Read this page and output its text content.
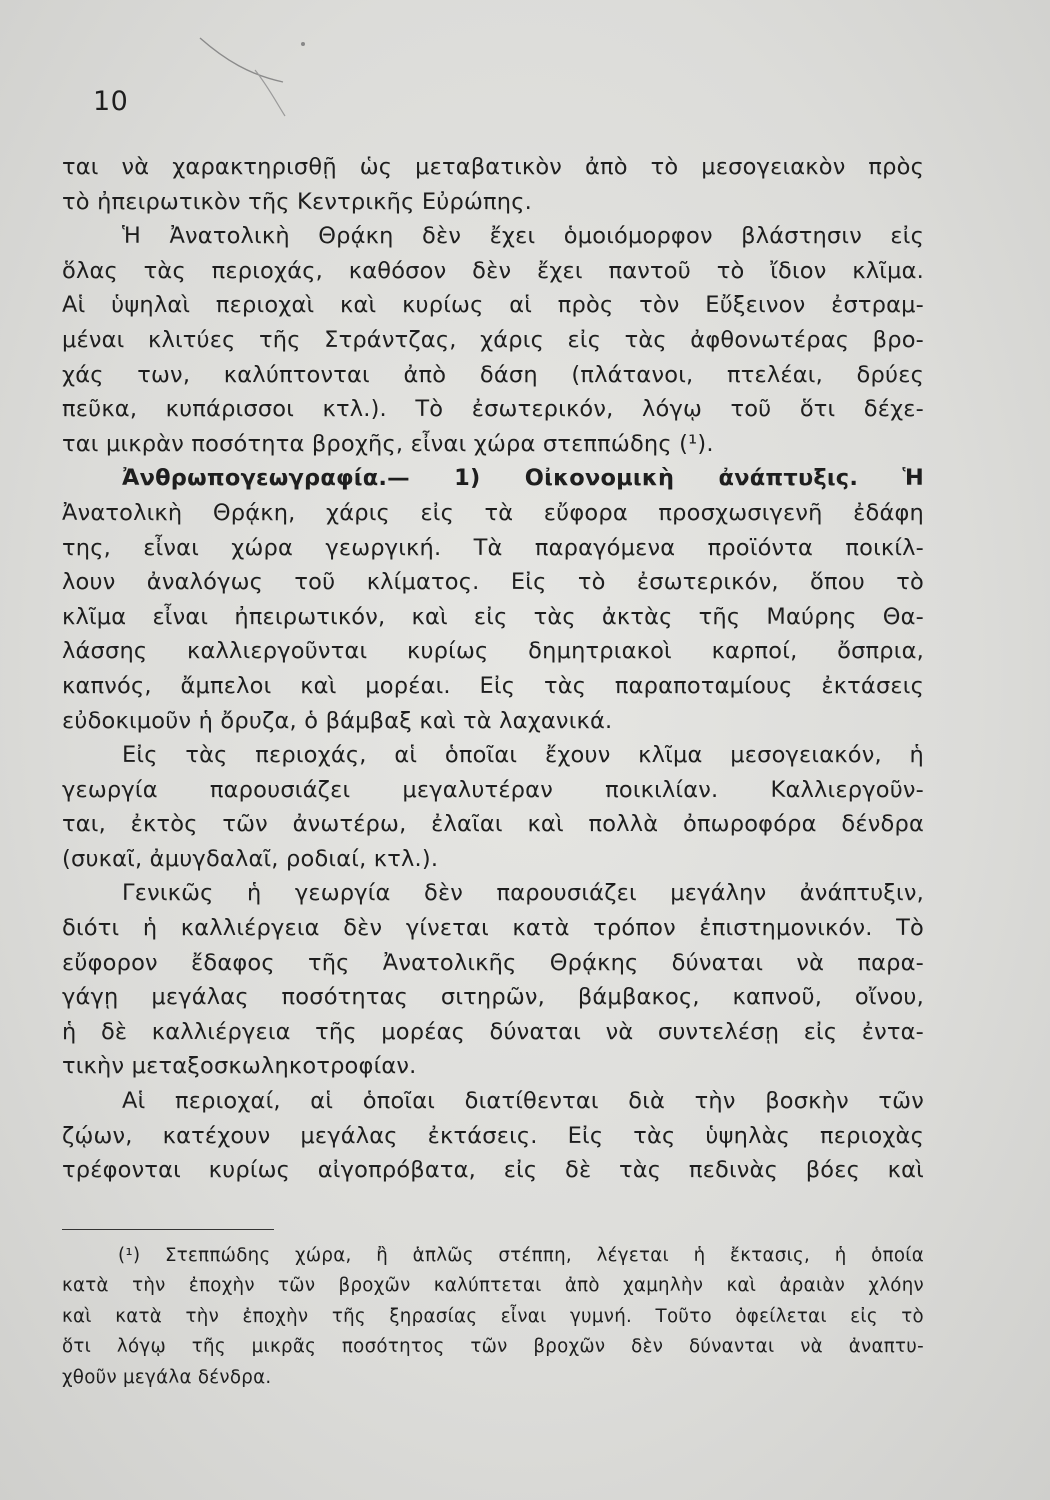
10
ται νὰ χαρακτηρισθῇ ὡς μεταβατικὸν ἀπὸ τὸ μεσογειακὸν πρὸς
τὸ ἠπειρωτικὸν τῆς Κεντρικῆς Εὐρώπης.
Ἡ Ἀνατολικὴ Θρᾴκη δὲν ἔχει ὁμοιόμορφον βλάστησιν εἰς
ὅλας τὰς περιοχάς, καθόσον δὲν ἔχει παντοῦ τὸ ἴδιον κλῖμα.
Αἱ ὑψηλαὶ περιοχαὶ καὶ κυρίως αἱ πρὸς τὸν Εὔξεινον ἐστραμ-
μέναι κλιτύες τῆς Στράντζας, χάρις εἰς τὰς ἀφθονωτέρας βρο-
χάς των, καλύπτονται ἀπὸ δάση (πλάτανοι, πτελέαι, δρύες
πεῦκα, κυπάρισσοι κτλ.). Τὸ ἐσωτερικόν, λόγῳ τοῦ ὅτι δέχε-
ται μικρὰν ποσότητα βροχῆς, εἶναι χώρα στεππώδης (¹).
Ἀνθρωπογεωγραφία.— 1) Οἰκονομικὴ ἀνάπτυξις. Ἡ
Ἀνατολικὴ Θρᾴκη, χάρις εἰς τὰ εὔφορα προσχωσιγενῆ ἐδάφη
της, εἶναι χώρα γεωργική. Τὰ παραγόμενα προϊόντα ποικίλ-
λουν ἀναλόγως τοῦ κλίματος. Εἰς τὸ ἐσωτερικόν, ὅπου τὸ
κλῖμα εἶναι ἠπειρωτικόν, καὶ εἰς τὰς ἀκτὰς τῆς Μαύρης Θα-
λάσσης καλλιεργοῦνται κυρίως δημητριακοὶ καρποί, ὄσπρια,
καπνός, ἄμπελοι καὶ μορέαι. Εἰς τὰς παραποταμίους ἐκτάσεις
εὐδοκιμοῦν ἡ ὄρυζα, ὁ βάμβαξ καὶ τὰ λαχανικά.
Εἰς τὰς περιοχάς, αἱ ὁποῖαι ἔχουν κλῖμα μεσογειακόν, ἡ
γεωργία παρουσιάζει μεγαλυτέραν ποικιλίαν. Καλλιεργοῦν-
ται, ἐκτὸς τῶν ἀνωτέρω, ἐλαῖαι καὶ πολλὰ ὀπωροφόρα δένδρα
(συκαῖ, ἀμυγδαλαῖ, ροδιαί, κτλ.).
Γενικῶς ἡ γεωργία δὲν παρουσιάζει μεγάλην ἀνάπτυξιν,
διότι ἡ καλλιέργεια δὲν γίνεται κατὰ τρόπον ἐπιστημονικόν. Τὸ
εὔφορον ἔδαφος τῆς Ἀνατολικῆς Θρᾴκης δύναται νὰ παρα-
γάγῃ μεγάλας ποσότητας σιτηρῶν, βάμβακος, καπνοῦ, οἴνου,
ἡ δὲ καλλιέργεια τῆς μορέας δύναται νὰ συντελέσῃ εἰς ἐντα-
τικὴν μεταξοσκωληκοτροφίαν.
Αἱ περιοχαί, αἱ ὁποῖαι διατίθενται διὰ τὴν βοσκὴν τῶν
ζῴων, κατέχουν μεγάλας ἐκτάσεις. Εἰς τὰς ὑψηλὰς περιοχὰς
τρέφονται κυρίως αἰγοπρόβατα, εἰς δὲ τὰς πεδινὰς βόες καὶ
(¹) Στεππώδης χώρα, ἢ ἁπλῶς στέππη, λέγεται ἡ ἔκτασις, ἡ ὁποία
κατὰ τὴν ἐποχὴν τῶν βροχῶν καλύπτεται ἀπὸ χαμηλὴν καὶ ἀραιὰν χλόην
καὶ κατὰ τὴν ἐποχὴν τῆς ξηρασίας εἶναι γυμνή. Τοῦτο ὀφείλεται εἰς τὸ
ὅτι λόγῳ τῆς μικρᾶς ποσότητος τῶν βροχῶν δὲν δύνανται νὰ ἀναπτυ-
χθοῦν μεγάλα δένδρα.
